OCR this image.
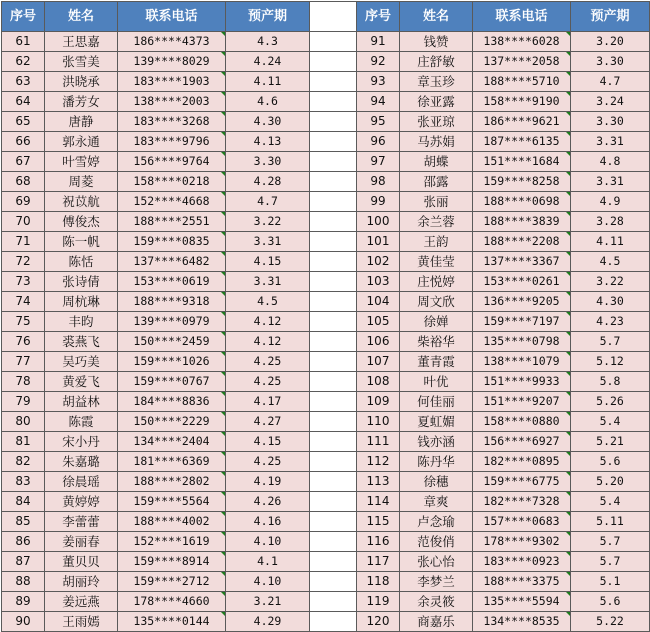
序号	姓名	联系电话	预产期		序号	姓名	联系电话	预产期
61	王思嘉	186****4373	4.3		91	钱赞	138****6028	3.20
62	张雪美	139****8029	4.24		92	庄舒敏	137****2058	3.30
63	洪晓承	183****1903	4.11		93	章玉珍	188****5710	4.7
64	潘芳女	138****2003	4.6		94	徐亚露	158****9190	3.24
65	唐静	183****3268	4.30		95	张亚琼	186****9621	3.30
66	郭永通	183****9796	4.13		96	马苏娟	187****6135	3.31
67	叶雪婷	156****9764	3.30		97	胡蝶	151****1684	4.8
68	周菱	158****0218	4.28		98	邵露	159****8258	3.31
69	祝苡航	152****4668	4.7		99	张丽	188****0698	4.9
70	傅俊杰	188****2551	3.22		100	余兰蓉	188****3839	3.28
71	陈一帆	159****0835	3.31		101	王韵	188****2208	4.11
72	陈恬	137****6482	4.15		102	黄佳莹	137****3367	4.5
73	张诗倩	153****0619	3.31		103	庄悦婷	153****0261	3.22
74	周杭琳	188****9318	4.5		104	周文欣	136****9205	4.30
75	丰昀	139****0979	4.12		105	徐婵	159****7197	4.23
76	裘燕飞	150****2459	4.12		106	柴裕华	135****0798	5.7
77	吴巧美	159****1026	4.25		107	董青霞	138****1079	5.12
78	黄爱飞	159****0767	4.25		108	叶优	151****9933	5.8
79	胡益林	184****8836	4.17		109	何佳丽	151****9207	5.26
80	陈霞	150****2229	4.27		110	夏虹媚	158****0880	5.4
81	宋小丹	134****2404	4.15		111	钱亦涵	156****6927	5.21
82	朱嘉璐	181****6369	4.25		112	陈丹华	182****0895	5.6
83	徐晨瑶	188****2802	4.19		113	徐穗	159****6775	5.20
84	黄婷婷	159****5564	4.26		114	章爽	182****7328	5.4
85	李蕾蕾	188****4002	4.16		115	卢念瑜	157****0683	5.11
86	姜丽春	152****1619	4.10		116	范俊俏	178****9302	5.7
87	董贝贝	159****8914	4.1		117	张心怡	183****0923	5.7
88	胡丽玲	159****2712	4.10		118	李梦兰	188****3375	5.1
89	姜远燕	178****4660	3.21		119	余灵筱	135****5594	5.6
90	王雨嫣	135****0144	4.29		120	商嘉乐	134****8535	5.22
